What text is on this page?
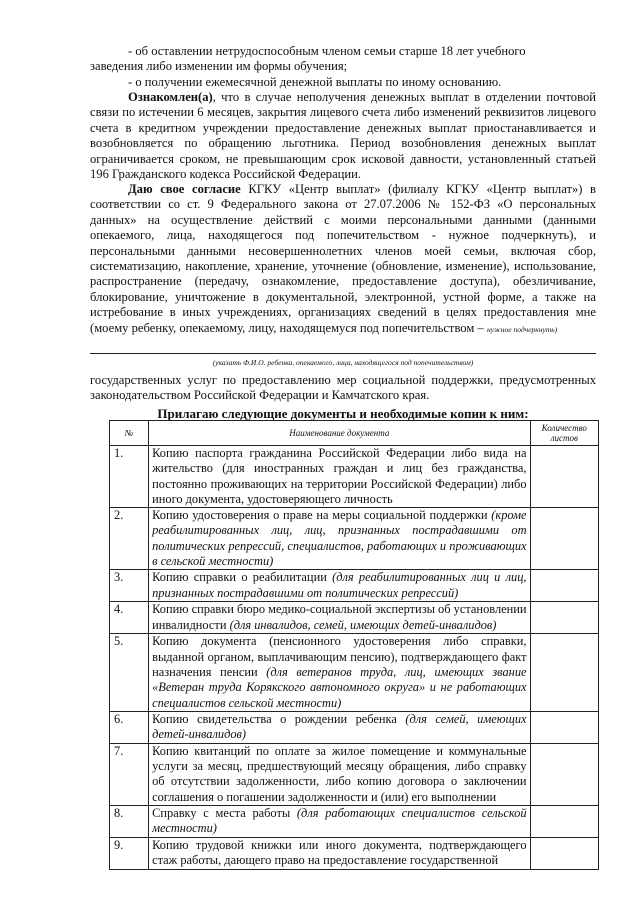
- об оставлении нетрудоспособным членом семьи старше 18 лет учебного
заведения либо изменении им формы обучения;
- о получении ежемесячной денежной выплаты по иному основанию.
Ознакомлен(а), что в случае неполучения денежных выплат в отделении почтовой связи по истечении 6 месяцев, закрытия лицевого счета либо изменений реквизитов лицевого счета в кредитном учреждении предоставление денежных выплат приостанавливается и возобновляется по обращению льготника. Период возобновления денежных выплат ограничивается сроком, не превышающим срок исковой давности, установленный статьей 196 Гражданского кодекса Российской Федерации.
Даю свое согласие КГКУ «Центр выплат» (филиалу КГКУ «Центр выплат») в соответствии со ст. 9 Федерального закона от 27.07.2006 № 152-ФЗ «О персональных данных» на осуществление действий с моими персональными данными (данными опекаемого, лица, находящегося под попечительством - нужное подчеркнуть), и персональными данными несовершеннолетних членов моей семьи, включая сбор, систематизацию, накопление, хранение, уточнение (обновление, изменение), использование, распространение (передачу, ознакомление, предоставление доступа), обезличивание, блокирование, уничтожение в документальной, электронной, устной форме, а также на истребование в иных учреждениях, организациях сведений в целях предоставления мне (моему ребенку, опекаемому, лицу, находящемуся под попечительством – нужное подчеркнуть)
(указать Ф.И.О. ребенка, опекаемого, лица, находящегося под попечительством)
государственных услуг по предоставлению мер социальной поддержки, предусмотренных законодательством Российской Федерации и Камчатского края.
Прилагаю следующие документы и необходимые копии к ним:
№	Наименование документа	Количество листов
1.	Копию паспорта гражданина Российской Федерации либо вида на жительство (для иностранных граждан и лиц без гражданства, постоянно проживающих на территории Российской Федерации) либо иного документа, удостоверяющего личность	
2.	Копию удостоверения о праве на меры социальной поддержки (кроме реабилитированных лиц, лиц, признанных пострадавшими от политических репрессий, специалистов, работающих и проживающих в сельской местности)	
3.	Копию справки о реабилитации (для реабилитированных лиц и лиц, признанных пострадавшими от политических репрессий)	
4.	Копию справки бюро медико-социальной экспертизы об установлении инвалидности (для инвалидов, семей, имеющих детей-инвалидов)	
5.	Копию документа (пенсионного удостоверения либо справки, выданной органом, выплачивающим пенсию), подтверждающего факт назначения пенсии (для ветеранов труда, лиц, имеющих звание «Ветеран труда Корякского автономного округа» и не работающих специалистов сельской местности)	
6.	Копию свидетельства о рождении ребенка (для семей, имеющих детей-инвалидов)	
7.	Копию квитанций по оплате за жилое помещение и коммунальные услуги за месяц, предшествующий месяцу обращения, либо справку об отсутствии задолженности, либо копию договора о заключении соглашения о погашении задолженности и (или) его выполнении	
8.	Справку с места работы (для работающих специалистов сельской местности)	
9.	Копию трудовой книжки или иного документа, подтверждающего стаж работы, дающего право на предоставление государственной	
